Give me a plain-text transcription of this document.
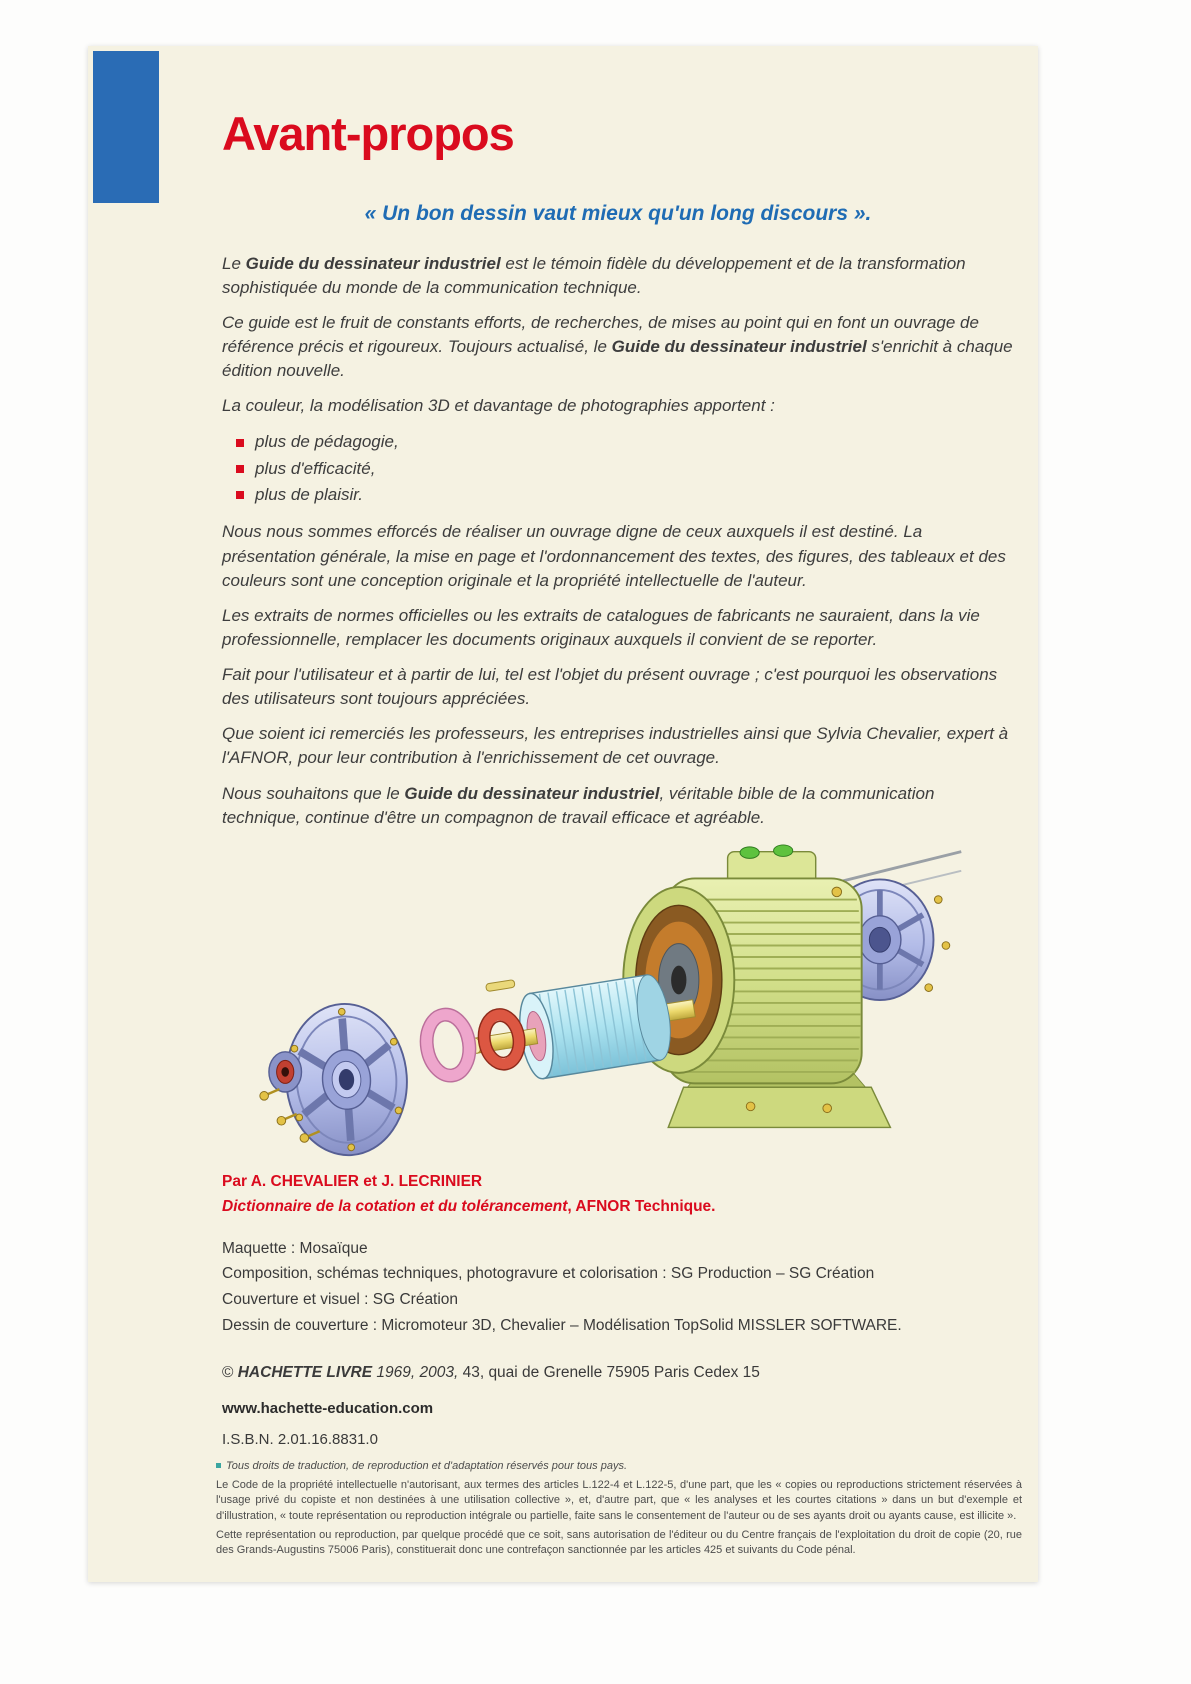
Avant-propos
« Un bon dessin vaut mieux qu'un long discours ».

Le Guide du dessinateur industriel est le témoin fidèle du développement et de la transformation sophistiquée du monde de la communication technique.

Ce guide est le fruit de constants efforts, de recherches, de mises au point qui en font un ouvrage de référence précis et rigoureux. Toujours actualisé, le Guide du dessinateur industriel s'enrichit à chaque édition nouvelle.

La couleur, la modélisation 3D et davantage de photographies apportent :

plus de pédagogie,
plus d'efficacité,
plus de plaisir.

Nous nous sommes efforcés de réaliser un ouvrage digne de ceux auxquels il est destiné. La présentation générale, la mise en page et l'ordonnancement des textes, des figures, des tableaux et des couleurs sont une conception originale et la propriété intellectuelle de l'auteur.

Les extraits de normes officielles ou les extraits de catalogues de fabricants ne sauraient, dans la vie professionnelle, remplacer les documents originaux auxquels il convient de se reporter.

Fait pour l'utilisateur et à partir de lui, tel est l'objet du présent ouvrage ; c'est pourquoi les observations des utilisateurs sont toujours appréciées.

Que soient ici remerciés les professeurs, les entreprises industrielles ainsi que Sylvia Chevalier, expert à l'AFNOR, pour leur contribution à l'enrichissement de cet ouvrage.

Nous souhaitons que le Guide du dessinateur industriel, véritable bible de la communication technique, continue d'être un compagnon de travail efficace et agréable.

Par A. CHEVALIER et J. LECRINIER
Dictionnaire de la cotation et du tolérancement, AFNOR Technique.
Maquette : Mosaïque
Composition, schémas techniques, photogravure et colorisation : SG Production – SG Création
Couverture et visuel : SG Création
Dessin de couverture : Micromoteur 3D, Chevalier – Modélisation TopSolid MISSLER SOFTWARE.
© HACHETTE LIVRE 1969, 2003, 43, quai de Grenelle 75905 Paris Cedex 15
www.hachette-education.com
I.S.B.N. 2.01.16.8831.0

Tous droits de traduction, de reproduction et d'adaptation réservés pour tous pays.

Le Code de la propriété intellectuelle n'autorisant, aux termes des articles L.122-4 et L.122-5, d'une part, que les « copies ou reproductions strictement réservées à l'usage privé du copiste et non destinées à une utilisation collective », et, d'autre part, que « les analyses et les courtes citations » dans un but d'exemple et d'illustration, « toute représentation ou reproduction intégrale ou partielle, faite sans le consentement de l'auteur ou de ses ayants droit ou ayants cause, est illicite ».

Cette représentation ou reproduction, par quelque procédé que ce soit, sans autorisation de l'éditeur ou du Centre français de l'exploitation du droit de copie (20, rue des Grands-Augustins 75006 Paris), constituerait donc une contrefaçon sanctionnée par les articles 425 et suivants du Code pénal.
